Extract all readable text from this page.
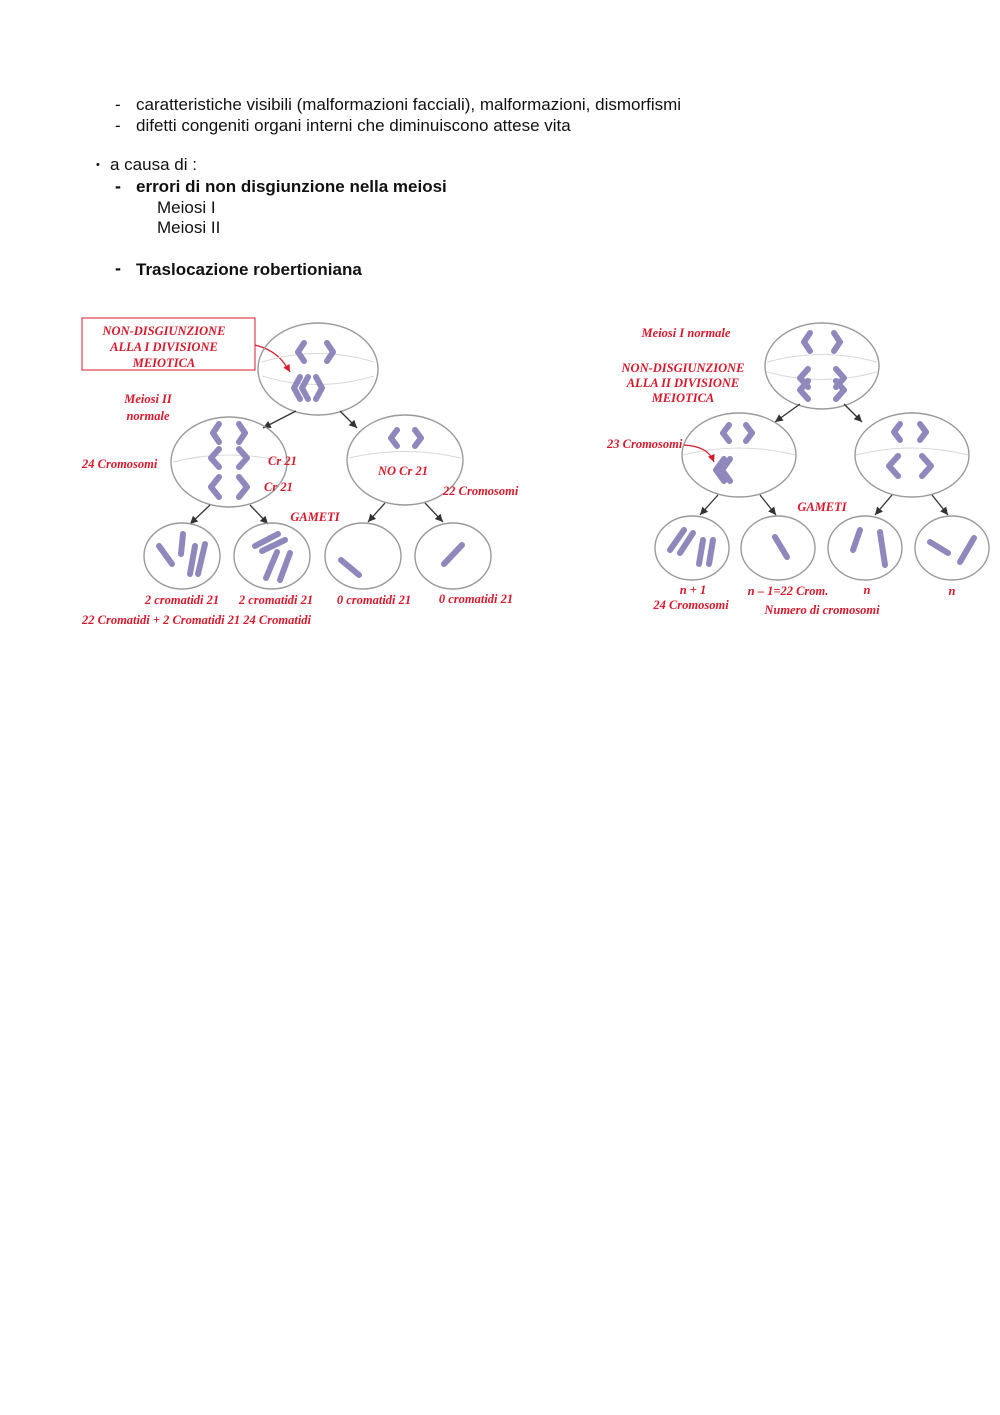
- caratteristiche visibili (malformazioni facciali), malformazioni, dismorfismi
- difetti congeniti organi interni che diminuiscono attese vita
• a causa di :
- errori di non disgiunzione nella meiosi
Meiosi I
Meiosi II
- Traslocazione robertioniana
NON-DISGIUNZIONE
ALLA I DIVISIONE
MEIOTICA
Meiosi II
normale
24 Cromosomi	Cr 21
Cr 21
NO Cr 21
22 Cromosomi
GAMETI
2 cromatidi 21 2 cromatidi 21 0 cromatidi 21 0 cromatidi 21
22 Cromatidi + 2 Cromatidi 21 24 Cromatidi
Meiosi I normale
NON-DISGIUNZIONE
ALLA II DIVISIONE
MEIOTICA
23 Cromosomi
GAMETI
n + 1	n – 1=22 Crom.	n	n
24 Cromosomi	Numero di cromosomi
